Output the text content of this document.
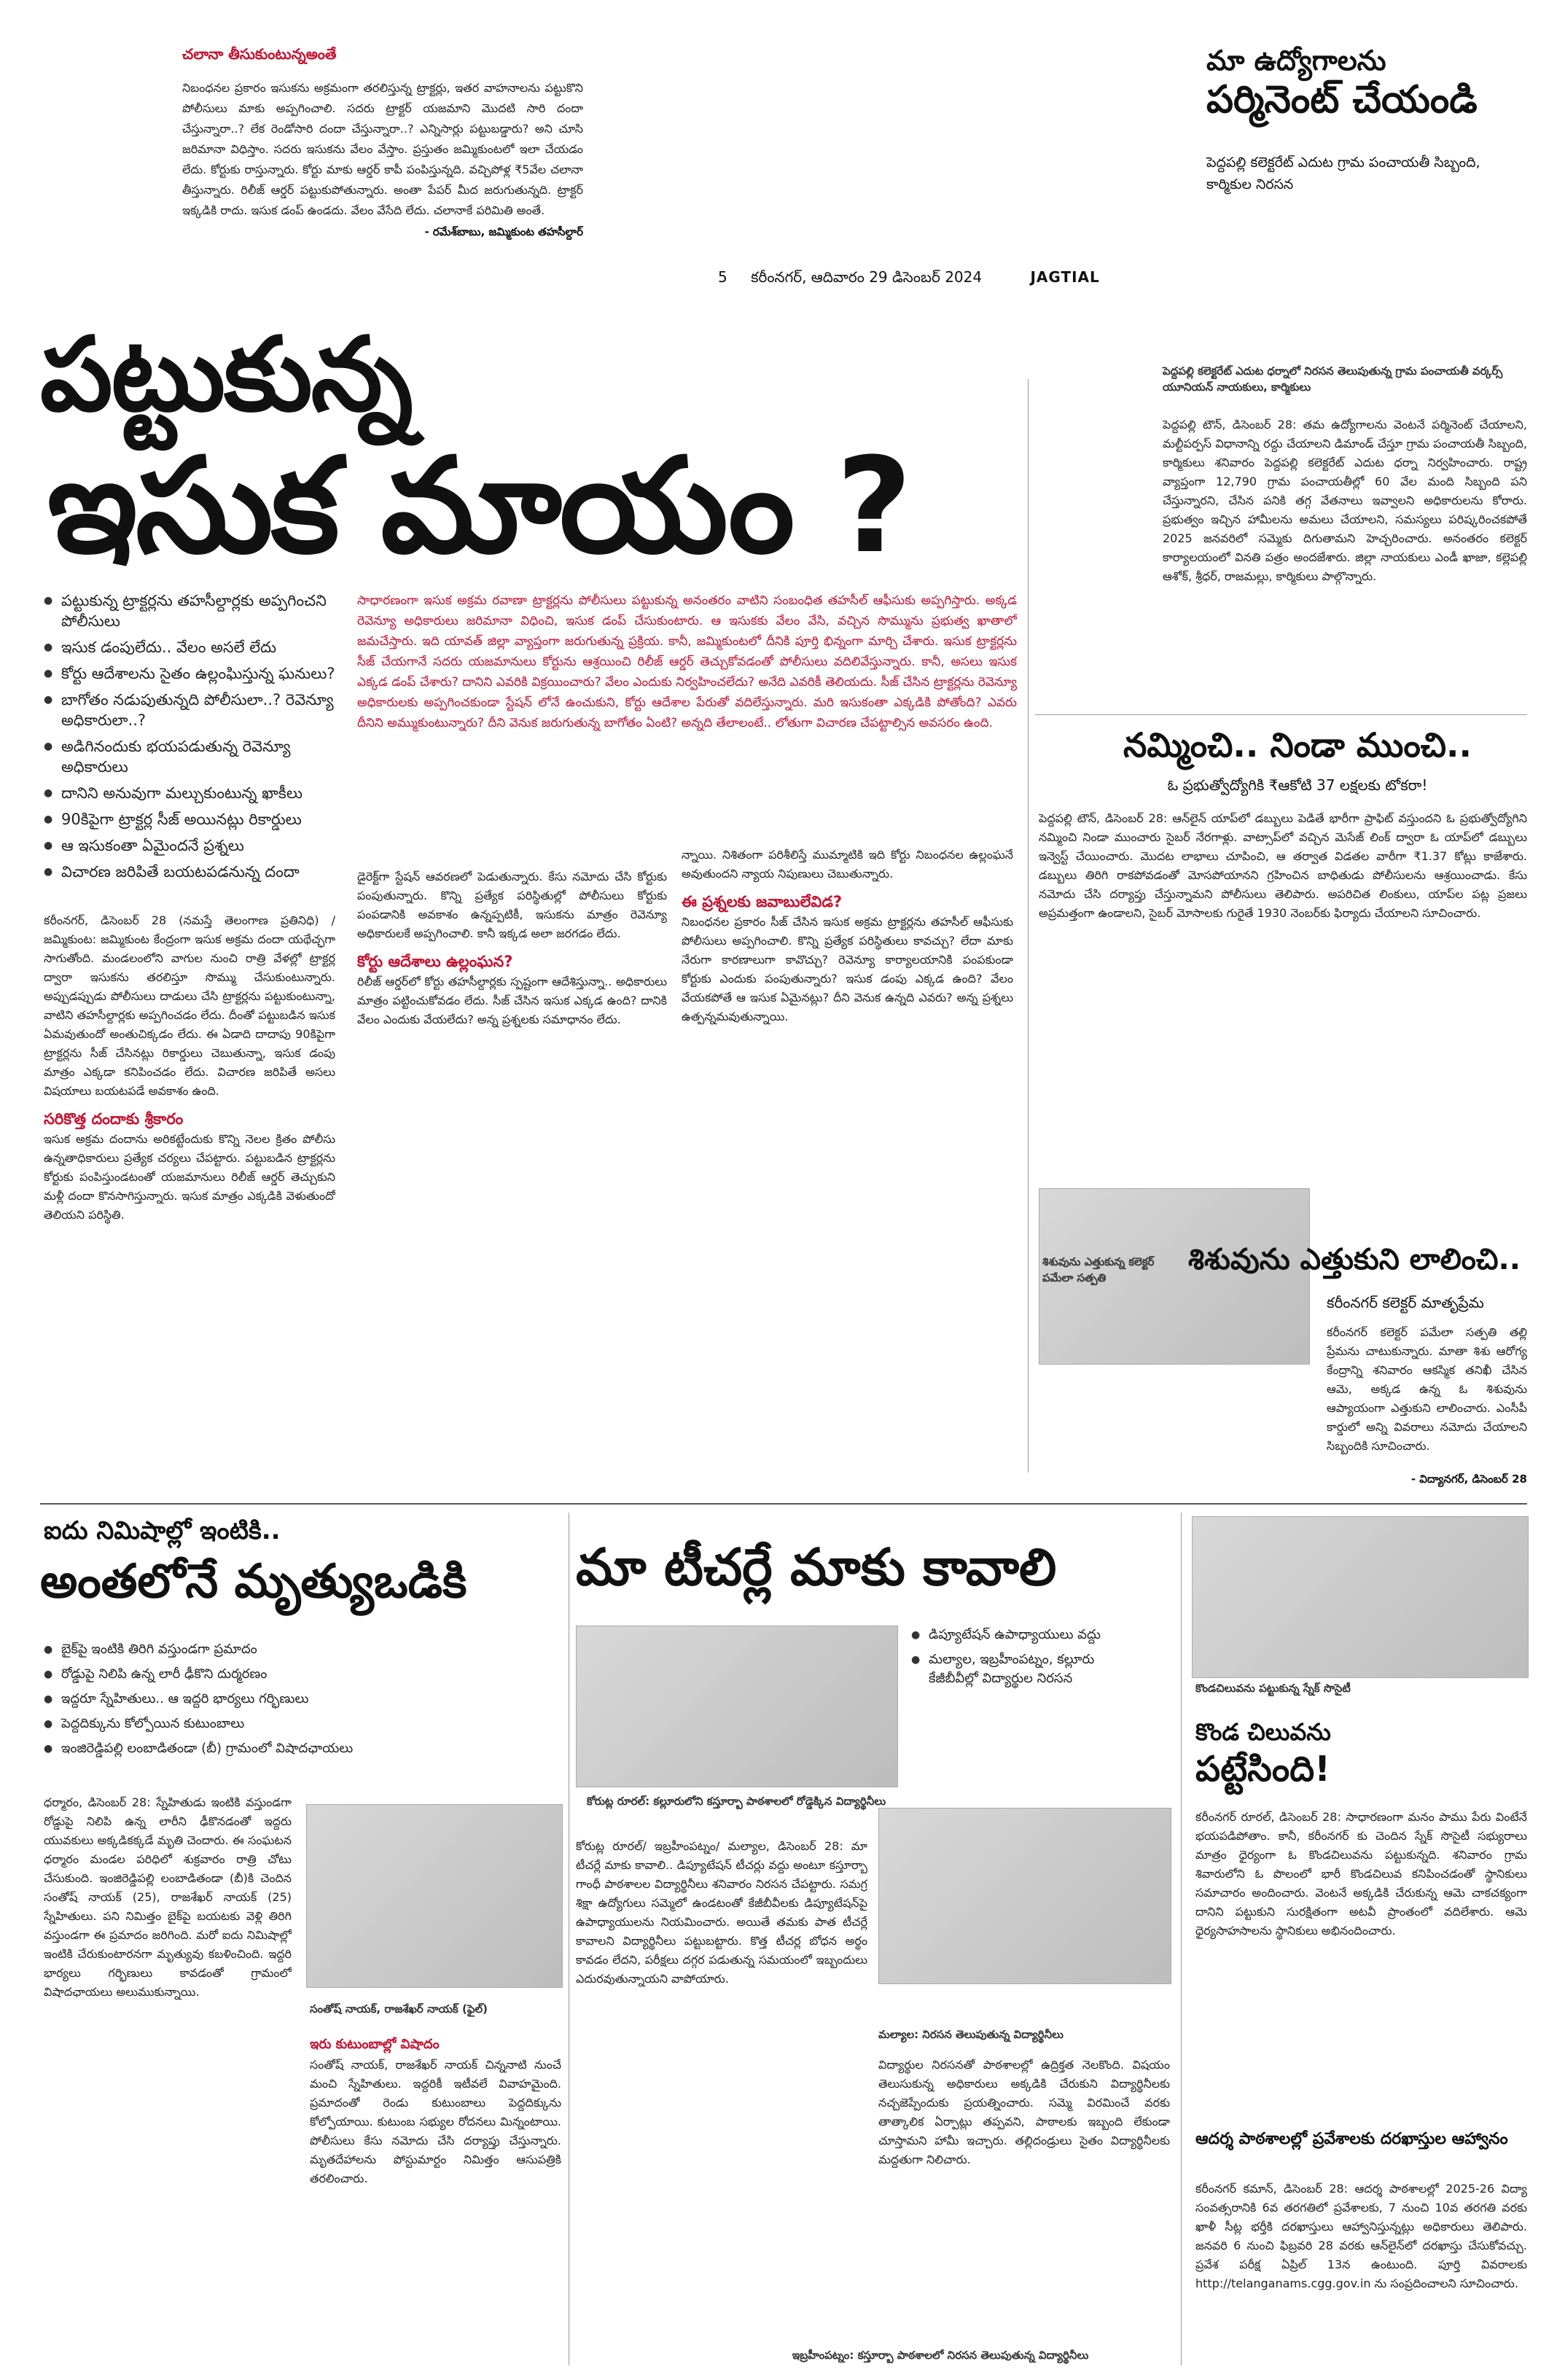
చలానా తీసుకుంటున్నఅంతే
నిబంధనల ప్రకారం ఇసుకను అక్రమంగా తరలిస్తున్న ట్రాక్టర్లు, ఇతర వాహనాలను పట్టుకొని పోలీసులు మాకు అప్పగించాలి. సదరు ట్రాక్టర్ యజమాని మొదటి సారి దందా చేస్తున్నారా..? లేక రెండోసారి దందా చేస్తున్నారా..? ఎన్నిసార్లు పట్టుబడ్డారు? అని చూసి జరిమానా విధిస్తాం. సదరు ఇసుకను వేలం వేస్తాం. ప్రస్తుతం జమ్మికుంటలో ఇలా చేయడం లేదు. కోర్టుకు రాస్తున్నారు. కోర్టు మాకు ఆర్డర్ కాపీ పంపిస్తున్నది. వచ్చిపోళ్ల ₹5వేల చలానా తీస్తున్నారు. రిలీజ్ ఆర్డర్ పట్టుకుపోతున్నారు. అంతా పేపర్ మీద జరుగుతున్నది. ట్రాక్టర్ ఇక్కడికి రాదు. ఇసుక డంప్ ఉండదు. వేలం వేసేది లేదు. చలానాకే పరిమితి అంతే.
- రమేశ్‌బాబు, జమ్మికుంట తహసీల్దార్
5 కరీంనగర్, ఆదివారం 29 డిసెంబర్ 2024	JAGTIAL
పట్టుకున్న
ఇసుక మాయం ?
● పట్టుకున్న ట్రాక్టర్లను తహసీల్దార్లకు అప్పగించని పోలీసులు
● ఇసుక డంపులేదు.. వేలం అసలే లేదు
● కోర్టు ఆదేశాలను సైతం ఉల్లంఘిస్తున్న ఘనులు?
● బాగోతం నడుపుతున్నది పోలీసులా..? రెవెన్యూ అధికారులా..?
● అడిగినందుకు భయపడుతున్న రెవెన్యూ అధికారులు
● దానిని అనువుగా మల్చుకుంటున్న ఖాకీలు
● 90కిపైగా ట్రాక్టర్ల సీజ్ అయినట్లు రికార్డులు
● ఆ ఇసుకంతా ఏమైందనే ప్రశ్నలు
● విచారణ జరిపితే బయటపడనున్న దందా
సాధారణంగా ఇసుక అక్రమ రవాణా ట్రాక్టర్లను పోలీసులు పట్టుకున్న అనంతరం వాటిని సంబంధిత తహసీల్ ఆఫీసుకు అప్పగిస్తారు. అక్కడ రెవెన్యూ అధికారులు జరిమానా విధించి, ఇసుక డంప్ చేసుకుంటారు. ఆ ఇసుకకు వేలం వేసి, వచ్చిన సొమ్మును ప్రభుత్వ ఖాతాలో జమచేస్తారు. ఇది యావత్ జిల్లా వ్యాప్తంగా జరుగుతున్న ప్రక్రియ. కానీ, జమ్మికుంటలో దీనికి పూర్తి భిన్నంగా మార్చి చేశారు. ఇసుక ట్రాక్టర్లను సీజ్ చేయగానే సదరు యజమానులు కోర్టును ఆశ్రయించి రిలీజ్ ఆర్డర్ తెచ్చుకోవడంతో పోలీసులు వదిలివేస్తున్నారు. కానీ, అసలు ఇసుక ఎక్కడ డంప్ చేశారు? దానిని ఎవరికి విక్రయించారు? వేలం ఎందుకు నిర్వహించలేదు? అనేది ఎవరికీ తెలియదు. సీజ్ చేసిన ట్రాక్టర్లను రెవెన్యూ అధికారులకు అప్పగించకుండా స్టేషన్ లోనే ఉంచుకుని, కోర్టు ఆదేశాల పేరుతో వదిలేస్తున్నారు. మరి ఇసుకంతా ఎక్కడికి పోతోంది? ఎవరు దీనిని అమ్ముకుంటున్నారు? దీని వెనుక జరుగుతున్న బాగోతం ఏంటి? అన్నది తేలాలంటే.. లోతుగా విచారణ చేపట్టాల్సిన అవసరం ఉంది.
కరీంనగర్, డిసెంబర్ 28 (నమస్తే తెలంగాణ ప్రతినిధి) / జమ్మికుంట: జమ్మికుంట కేంద్రంగా ఇసుక అక్రమ దందా యథేచ్ఛగా సాగుతోంది. మండలంలోని వాగుల నుంచి రాత్రి వేళల్లో ట్రాక్టర్ల ద్వారా ఇసుకను తరలిస్తూ సొమ్ము చేసుకుంటున్నారు. అప్పుడప్పుడు పోలీసులు దాడులు చేసి ట్రాక్టర్లను పట్టుకుంటున్నా, వాటిని తహసీల్దార్లకు అప్పగించడం లేదు. దీంతో పట్టుబడిన ఇసుక ఏమవుతుందో అంతుచిక్కడం లేదు. ఈ ఏడాది దాదాపు 90కిపైగా ట్రాక్టర్లను సీజ్ చేసినట్లు రికార్డులు చెబుతున్నా, ఇసుక డంపు మాత్రం ఎక్కడా కనిపించడం లేదు. విచారణ జరిపితే అసలు విషయాలు బయటపడే అవకాశం ఉంది.
సరికొత్త దందాకు శ్రీకారం
ఇసుక అక్రమ దందాను అరికట్టేందుకు కొన్ని నెలల క్రితం పోలీసు ఉన్నతాధికారులు ప్రత్యేక చర్యలు చేపట్టారు. పట్టుబడిన ట్రాక్టర్లను కోర్టుకు పంపిస్తుండటంతో యజమానులు రిలీజ్ ఆర్డర్ తెచ్చుకుని మళ్లీ దందా కొనసాగిస్తున్నారు. ఇసుక మాత్రం ఎక్కడికి వెళుతుందో తెలియని పరిస్థితి.
డైరెక్ట్‌గా స్టేషన్ ఆవరణలో పెడుతున్నారు. కేసు నమోదు చేసి కోర్టుకు పంపుతున్నారు. కొన్ని ప్రత్యేక పరిస్థితుల్లో పోలీసులు కోర్టుకు పంపడానికి అవకాశం ఉన్నప్పటికీ, ఇసుకను మాత్రం రెవెన్యూ అధికారులకే అప్పగించాలి. కానీ ఇక్కడ అలా జరగడం లేదు.
కోర్టు ఆదేశాలు ఉల్లంఘన?
రిలీజ్ ఆర్డర్‌లో కోర్టు తహసీల్దార్లకు స్పష్టంగా ఆదేశిస్తున్నా.. అధికారులు మాత్రం పట్టించుకోవడం లేదు. సీజ్ చేసిన ఇసుక ఎక్కడ ఉంది? దానికి వేలం ఎందుకు వేయలేదు? అన్న ప్రశ్నలకు సమాధానం లేదు.
న్నాయి. నిశితంగా పరిశీలిస్తే ముమ్మాటికి ఇది కోర్టు నిబంధనల ఉల్లంఘనే అవుతుందని న్యాయ నిపుణులు చెబుతున్నారు.
ఈ ప్రశ్నలకు జవాబులేవిడ?
నిబంధనల ప్రకారం సీజ్ చేసిన ఇసుక అక్రమ ట్రాక్టర్లను తహసీల్ ఆఫీసుకు పోలీసులు అప్పగించాలి. కొన్ని ప్రత్యేక పరిస్థితులు కావచ్చు? లేదా మాకు నేరుగా కారణాలుగా కావొచ్చు? రెవెన్యూ కార్యాలయానికి పంపకుండా కోర్టుకు ఎందుకు పంపుతున్నారు? ఇసుక డంపు ఎక్కడ ఉంది? వేలం వేయకపోతే ఆ ఇసుక ఏమైనట్లు? దీని వెనుక ఉన్నది ఎవరు? అన్న ప్రశ్నలు ఉత్పన్నమవుతున్నాయి.
మా ఉద్యోగాలను
పర్మినెంట్ చేయండి
పెద్దపల్లి కలెక్టరేట్ ఎదుట గ్రామ పంచాయతీ సిబ్బంది, కార్మికుల నిరసన
పెద్దపల్లి కలెక్టరేట్ ఎదుట ధర్నాలో నిరసన తెలుపుతున్న గ్రామ పంచాయతీ వర్కర్స్ యూనియన్ నాయకులు, కార్మికులు
పెద్దపల్లి టౌన్, డిసెంబర్ 28: తమ ఉద్యోగాలను వెంటనే పర్మినెంట్ చేయాలని, మల్టీపర్పస్ విధానాన్ని రద్దు చేయాలని డిమాండ్ చేస్తూ గ్రామ పంచాయతీ సిబ్బంది, కార్మికులు శనివారం పెద్దపల్లి కలెక్టరేట్ ఎదుట ధర్నా నిర్వహించారు. రాష్ట్ర వ్యాప్తంగా 12,790 గ్రామ పంచాయతీల్లో 60 వేల మంది సిబ్బంది పని చేస్తున్నారని, చేసిన పనికి తగ్గ వేతనాలు ఇవ్వాలని అధికారులను కోరారు. ప్రభుత్వం ఇచ్చిన హామీలను అమలు చేయాలని, సమస్యలు పరిష్కరించకపోతే 2025 జనవరిలో సమ్మెకు దిగుతామని హెచ్చరించారు. అనంతరం కలెక్టర్ కార్యాలయంలో వినతి పత్రం అందజేశారు. జిల్లా నాయకులు ఎండీ ఖాజా, కల్లెపల్లి ఆశోక్, శ్రీధర్, రాజమల్లు, కార్మికులు పాల్గొన్నారు.
నమ్మించి.. నిండా ముంచి..
ఓ ప్రభుత్వోద్యోగికి ₹ఆకోటి 37 లక్షలకు టోకరా!
పెద్దపల్లి టౌన్, డిసెంబర్ 28: ఆన్‌లైన్ యాప్‌లో డబ్బులు పెడితే భారీగా ప్రాఫిట్ వస్తుందని ఓ ప్రభుత్వోద్యోగిని నమ్మించి నిండా ముంచారు సైబర్ నేరగాళ్లు. వాట్సాప్‌లో వచ్చిన మెసేజ్ లింక్ ద్వారా ఓ యాప్‌లో డబ్బులు ఇన్వెస్ట్ చేయించారు. మొదట లాభాలు చూపించి, ఆ తర్వాత విడతల వారీగా ₹1.37 కోట్లు కాజేశారు. డబ్బులు తిరిగి రాకపోవడంతో మోసపోయానని గ్రహించిన బాధితుడు పోలీసులను ఆశ్రయించాడు. కేసు నమోదు చేసి దర్యాప్తు చేస్తున్నామని పోలీసులు తెలిపారు. అపరిచిత లింకులు, యాప్‌ల పట్ల ప్రజలు అప్రమత్తంగా ఉండాలని, సైబర్ మోసాలకు గురైతే 1930 నెంబర్‌కు ఫిర్యాదు చేయాలని సూచించారు.
శిశువును ఎత్తుకున్న కలెక్టర్ పమేలా సత్పతి
శిశువును ఎత్తుకుని లాలించి..
కరీంనగర్ కలెక్టర్ మాతృప్రేమ
కరీంనగర్ కలెక్టర్ పమేలా సత్పతి తల్లి ప్రేమను చాటుకున్నారు. మాతా శిశు ఆరోగ్య కేంద్రాన్ని శనివారం ఆకస్మిక తనిఖీ చేసిన ఆమె, అక్కడ ఉన్న ఓ శిశువును ఆప్యాయంగా ఎత్తుకుని లాలించారు. ఎంసీపీ కార్డులో అన్ని వివరాలు నమోదు చేయాలని సిబ్బందికి సూచించారు.
- విద్యానగర్, డిసెంబర్ 28
ఐదు నిమిషాల్లో ఇంటికి..
అంతలోనే మృత్యుఒడికి
● బైక్‌పై ఇంటికి తిరిగి వస్తుండగా ప్రమాదం
● రోడ్డుపై నిలిపి ఉన్న లారీ ఢీకొని దుర్మరణం
● ఇద్దరూ స్నేహితులు.. ఆ ఇద్దరి భార్యలు గర్భిణులు
● పెద్దదిక్కును కోల్పోయిన కుటుంబాలు
● ఇంజిరెడ్డిపల్లి లంబాడితండా (బీ) గ్రామంలో విషాదఛాయలు
సంతోష్ నాయక్, రాజశేఖర్ నాయక్ (ఫైల్)
ధర్మారం, డిసెంబర్ 28: స్నేహితుడు ఇంటికి వస్తుండగా రోడ్డుపై నిలిపి ఉన్న లారీని ఢీకొనడంతో ఇద్దరు యువకులు అక్కడికక్కడే మృతి చెందారు. ఈ సంఘటన ధర్మారం మండల పరిధిలో శుక్రవారం రాత్రి చోటు చేసుకుంది. ఇంజిరెడ్డిపల్లి లంబాడితండా (బీ)కి చెందిన సంతోష్ నాయక్ (25), రాజశేఖర్ నాయక్ (25) స్నేహితులు. పని నిమిత్తం బైక్‌పై బయటకు వెళ్లి తిరిగి వస్తుండగా ఈ ప్రమాదం జరిగింది. మరో ఐదు నిమిషాల్లో ఇంటికి చేరుకుంటారనగా మృత్యువు కబళించింది. ఇద్దరి భార్యలు గర్భిణులు కావడంతో గ్రామంలో విషాదఛాయలు అలుముకున్నాయి.
ఇరు కుటుంబాల్లో విషాదం
సంతోష్ నాయక్, రాజశేఖర్ నాయక్ చిన్ననాటి నుంచే మంచి స్నేహితులు. ఇద్దరికీ ఇటీవలే వివాహమైంది. ప్రమాదంతో రెండు కుటుంబాలు పెద్దదిక్కును కోల్పోయాయి. కుటుంబ సభ్యుల రోదనలు మిన్నంటాయి. పోలీసులు కేసు నమోదు చేసి దర్యాప్తు చేస్తున్నారు. మృతదేహాలను పోస్టుమార్టం నిమిత్తం ఆసుపత్రికి తరలించారు.
మా టీచర్లే మాకు కావాలి
● డిప్యూటేషన్ ఉపాధ్యాయులు వద్దు
● మల్యాల, ఇబ్రహీంపట్నం, కల్లూరు కేజీబీవీల్లో విద్యార్థుల నిరసన
కోరుట్ల రూరల్: కల్లూరులోని కస్తూర్బా పాఠశాలలో రోడ్డెక్కిన విద్యార్థినీలు
కోరుట్ల రూరల్/ ఇబ్రహీంపట్నం/ మల్యాల, డిసెంబర్ 28: మా టీచర్లే మాకు కావాలి.. డిప్యూటేషన్ టీచర్లు వద్దు అంటూ కస్తూర్బా గాంధీ పాఠశాలల విద్యార్థినీలు శనివారం నిరసన చేపట్టారు. సమగ్ర శిక్షా ఉద్యోగులు సమ్మెలో ఉండటంతో కేజీబీవీలకు డిప్యూటేషన్‌పై ఉపాధ్యాయులను నియమించారు. అయితే తమకు పాత టీచర్లే కావాలని విద్యార్థినీలు పట్టుబట్టారు. కొత్త టీచర్ల బోధన అర్థం కావడం లేదని, పరీక్షలు దగ్గర పడుతున్న సమయంలో ఇబ్బందులు ఎదురవుతున్నాయని వాపోయారు.
మల్యాల: నిరసన తెలుపుతున్న విద్యార్థినీలు
విద్యార్థుల నిరసనతో పాఠశాలల్లో ఉద్రిక్తత నెలకొంది. విషయం తెలుసుకున్న అధికారులు అక్కడికి చేరుకుని విద్యార్థినీలకు నచ్చజెప్పేందుకు ప్రయత్నించారు. సమ్మె విరమించే వరకు తాత్కాలిక ఏర్పాట్లు తప్పవని, పాఠాలకు ఇబ్బంది లేకుండా చూస్తామని హామీ ఇచ్చారు. తల్లిదండ్రులు సైతం విద్యార్థినీలకు మద్దతుగా నిలిచారు.
ఇబ్రహీంపట్నం: కస్తూర్బా పాఠశాలలో నిరసన తెలుపుతున్న విద్యార్థినీలు
కొండచిలువను పట్టుకున్న స్నేక్ సొసైటీ
కొండ చిలువను
పట్టేసింది!
కరీంనగర్ రూరల్, డిసెంబర్ 28: సాధారణంగా మనం పాము పేరు వింటేనే భయపడిపోతాం. కానీ, కరీంనగర్ కు చెందిన స్నేక్ సొసైటీ సభ్యురాలు మాత్రం ధైర్యంగా ఓ కొండచిలువను పట్టుకున్నది. శనివారం గ్రామ శివారులోని ఓ పొలంలో భారీ కొండచిలువ కనిపించడంతో స్థానికులు సమాచారం అందించారు. వెంటనే అక్కడికి చేరుకున్న ఆమె చాకచక్యంగా దానిని పట్టుకుని సురక్షితంగా అటవీ ప్రాంతంలో వదిలేశారు. ఆమె ధైర్యసాహసాలను స్థానికులు అభినందించారు.
ఆదర్శ పాఠశాలల్లో ప్రవేశాలకు దరఖాస్తుల ఆహ్వానం
కరీంనగర్ కమాన్, డిసెంబర్ 28: ఆదర్శ పాఠశాలల్లో 2025-26 విద్యా సంవత్సరానికి 6వ తరగతిలో ప్రవేశాలకు, 7 నుంచి 10వ తరగతి వరకు ఖాళీ సీట్ల భర్తీకి దరఖాస్తులు ఆహ్వానిస్తున్నట్లు అధికారులు తెలిపారు. జనవరి 6 నుంచి ఫిబ్రవరి 28 వరకు ఆన్‌లైన్‌లో దరఖాస్తు చేసుకోవచ్చు. ప్రవేశ పరీక్ష ఏప్రిల్ 13న ఉంటుంది. పూర్తి వివరాలకు http://telanganams.cgg.gov.in ను సంప్రదించాలని సూచించారు.
